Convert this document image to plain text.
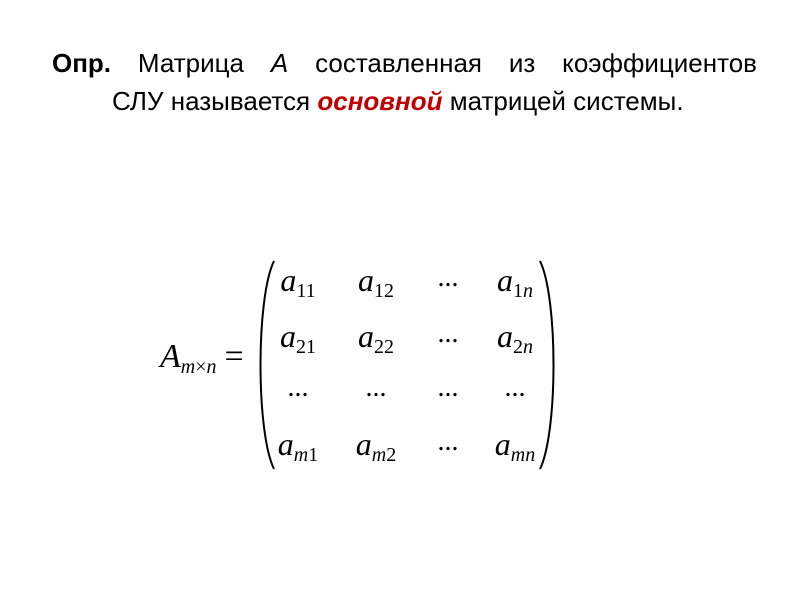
Опр. Матрица А составленная из коэффициентов
СЛУ называется основной матрицей системы.
Am×n =
a11	a12	...	a1n
a21	a22	...	a2n
...	...	...	...
am1	am2	...	amn
